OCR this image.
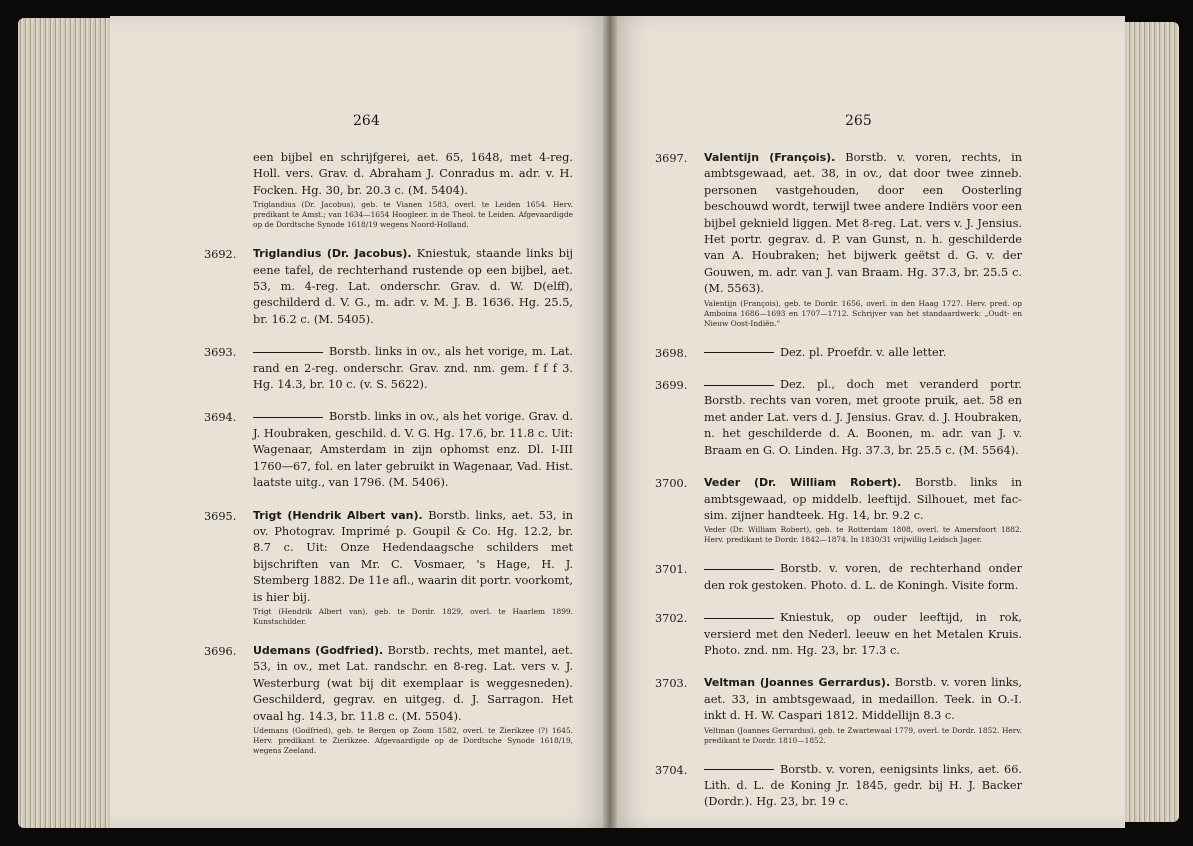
264	265
een bijbel en schrijfgerei, aet. 65, 1648, met 4-reg. Holl. vers. Grav. d. Abraham J. Conradus m. adr. v. H. Focken. Hg. 30, br. 20.3 c. (M. 5404).
Triglandius (Dr. Jacobus), geb. te Vianen 1583, overl. te Leiden 1654. Herv. predikant te Amst.; van 1634—1654 Hoogleer. in de Theol. te Leiden. Afgevaardigde op de Dordtsche Synode 1618/19 wegens Noord-Holland.
3692. Triglandius (Dr. Jacobus). Kniestuk, staande links bij eene tafel, de rechterhand rustende op een bijbel, aet. 53, m. 4-reg. Lat. onderschr. Grav. d. W. D(elff), geschilderd d. V. G., m. adr. v. M. J. B. 1636. Hg. 25.5, br. 16.2 c. (M. 5405).
3693.	Borstb. links in ov., als het vorige, m. Lat. rand en 2-reg. onderschr. Grav. znd. nm. gem. f f f 3. Hg. 14.3, br. 10 c. (v. S. 5622).
3694.	Borstb. links in ov., als het vorige. Grav. d. J. Houbraken, geschild. d. V. G. Hg. 17.6, br. 11.8 c. Uit: Wagenaar, Amsterdam in zijn ophomst enz. Dl. I-III 1760—67, fol. en later gebruikt in Wagenaar, Vad. Hist. laatste uitg., van 1796. (M. 5406).
3695. Trigt (Hendrik Albert van). Borstb. links, aet. 53, in ov. Photograv. Imprimé p. Goupil & Co. Hg. 12.2, br. 8.7 c. Uit: Onze Hedendaagsche schilders met bijschriften van Mr. C. Vosmaer, 's Hage, H. J. Stemberg 1882. De 11e afl., waarin dit portr. voorkomt, is hier bij.
Trigt (Hendrik Albert van), geb. te Dordr. 1829, overl. te Haarlem 1899. Kunstschilder.
3696. Udemans (Godfried). Borstb. rechts, met mantel, aet. 53, in ov., met Lat. randschr. en 8-reg. Lat. vers v. J. Westerburg (wat bij dit exemplaar is weggesneden). Geschilderd, gegrav. en uitgeg. d. J. Sarragon. Het ovaal hg. 14.3, br. 11.8 c. (M. 5504).
Udemans (Godfried), geb. te Bergen op Zoom 1582, overl. te Zierikzee (?) 1645. Herv. predikant te Zierikzee. Afgevaardigde op de Dordtsche Synode 1618/19, wegens Zeeland.
3697. Valentijn (François). Borstb. v. voren, rechts, in ambtsgewaad, aet. 38, in ov., dat door twee zinneb. personen vastgehouden, door een Oosterling beschouwd wordt, terwijl twee andere Indiërs voor een bijbel geknield liggen. Met 8-reg. Lat. vers v. J. Jensius. Het portr. gegrav. d. P. van Gunst, n. h. geschilderde van A. Houbraken; het bijwerk geëtst d. G. v. der Gouwen, m. adr. van J. van Braam. Hg. 37.3, br. 25.5 c. (M. 5563).
Valentijn (François), geb. te Dordr. 1656, overl. in den Haag 1727. Herv. pred. op Amboina 1686—1693 en 1707—1712. Schrijver van het standaardwerk: „Oudt- en Nieuw Oost-Indiën."
3698.	Dez. pl. Proefdr. v. alle letter.
3699.	Dez. pl., doch met veranderd portr. Borstb. rechts van voren, met groote pruik, aet. 58 en met ander Lat. vers d. J. Jensius. Grav. d. J. Houbraken, n. het geschilderde d. A. Boonen, m. adr. van J. v. Braam en G. O. Linden. Hg. 37.3, br. 25.5 c. (M. 5564).
3700. Veder (Dr. William Robert). Borstb. links in ambtsgewaad, op middelb. leeftijd. Silhouet, met fac-sim. zijner handteek. Hg. 14, br. 9.2 c.
Veder (Dr. William Robert), geb. te Rotterdam 1808, overl. te Amersfoort 1882. Herv. predikant te Dordr. 1842—1874. In 1830/31 vrijwillig Leidsch Jager.
3701.	Borstb. v. voren, de rechterhand onder den rok gestoken. Photo. d. L. de Koningh. Visite form.
3702.	Kniestuk, op ouder leeftijd, in rok, versierd met den Nederl. leeuw en het Metalen Kruis. Photo. znd. nm. Hg. 23, br. 17.3 c.
3703. Veltman (Joannes Gerrardus). Borstb. v. voren links, aet. 33, in ambtsgewaad, in medaillon. Teek. in O.-I. inkt d. H. W. Caspari 1812. Middellijn 8.3 c.
Veltman (Joannes Gerrardus), geb. te Zwartewaal 1779, overl. te Dordr. 1852. Herv. predikant te Dordr. 1810—1852.
3704.	Borstb. v. voren, eenigsints links, aet. 66. Lith. d. L. de Koning Jr. 1845, gedr. bij H. J. Backer (Dordr.). Hg. 23, br. 19 c.
